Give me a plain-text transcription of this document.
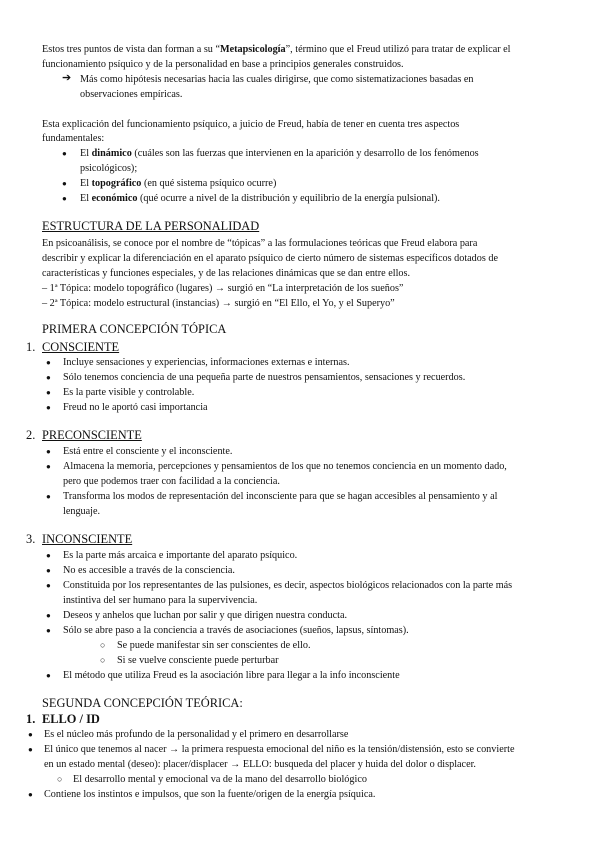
Estos tres puntos de vista dan forman a su “Metapsicología”, término que el Freud utilizó para tratar de explicar el
funcionamiento psíquico y de la personalidad en base a principios generales construidos.
➔ Más como hipótesis necesarias hacia las cuales dirigirse, que como sistematizaciones basadas en
observaciones empíricas.
Esta explicación del funcionamiento psíquico, a juicio de Freud, había de tener en cuenta tres aspectos
fundamentales:
● El dinámico (cuáles son las fuerzas que intervienen en la aparición y desarrollo de los fenómenos
psicológicos);
● El topográfico (en qué sistema psíquico ocurre)
● El económico (qué ocurre a nivel de la distribución y equilibrio de la energía pulsional).
ESTRUCTURA DE LA PERSONALIDAD
En psicoanálisis, se conoce por el nombre de “tópicas” a las formulaciones teóricas que Freud elabora para
describir y explicar la diferenciación en el aparato psíquico de cierto número de sistemas específicos dotados de
características y funciones especiales, y de las relaciones dinámicas que se dan entre ellos.
– 1ª Tópica: modelo topográfico (lugares) → surgió en “La interpretación de los sueños”
– 2ª Tópica: modelo estructural (instancias) → surgió en “El Ello, el Yo, y el Superyo”
PRIMERA CONCEPCIÓN TÓPICA
1. CONSCIENTE
● Incluye sensaciones y experiencias, informaciones externas e internas.
● Sólo tenemos conciencia de una pequeña parte de nuestros pensamientos, sensaciones y recuerdos.
● Es la parte visible y controlable.
● Freud no le aportó casi importancia
2. PRECONSCIENTE
● Está entre el consciente y el inconsciente.
● Almacena la memoria, percepciones y pensamientos de los que no tenemos conciencia en un momento dado,
pero que podemos traer con facilidad a la conciencia.
● Transforma los modos de representación del inconsciente para que se hagan accesibles al pensamiento y al
lenguaje.
3. INCONSCIENTE
● Es la parte más arcaica e importante del aparato psíquico.
● No es accesible a través de la consciencia.
● Constituida por los representantes de las pulsiones, es decir, aspectos biológicos relacionados con la parte más
instintiva del ser humano para la supervivencia.
● Deseos y anhelos que luchan por salir y que dirigen nuestra conducta.
● Sólo se abre paso a la conciencia a través de asociaciones (sueños, lapsus, síntomas).
○ Se puede manifestar sin ser conscientes de ello.
○ Si se vuelve consciente puede perturbar
● El método que utiliza Freud es la asociación libre para llegar a la info inconsciente
SEGUNDA CONCEPCIÓN TEÓRICA:
1. ELLO / ID
● Es el núcleo más profundo de la personalidad y el primero en desarrollarse
● El único que tenemos al nacer → la primera respuesta emocional del niño es la tensión/distensión, esto se convierte
en un estado mental (deseo): placer/displacer → ELLO: busqueda del placer y huida del dolor o displacer.
○ El desarrollo mental y emocional va de la mano del desarrollo biológico
● Contiene los instintos e impulsos, que son la fuente/origen de la energía psíquica.
